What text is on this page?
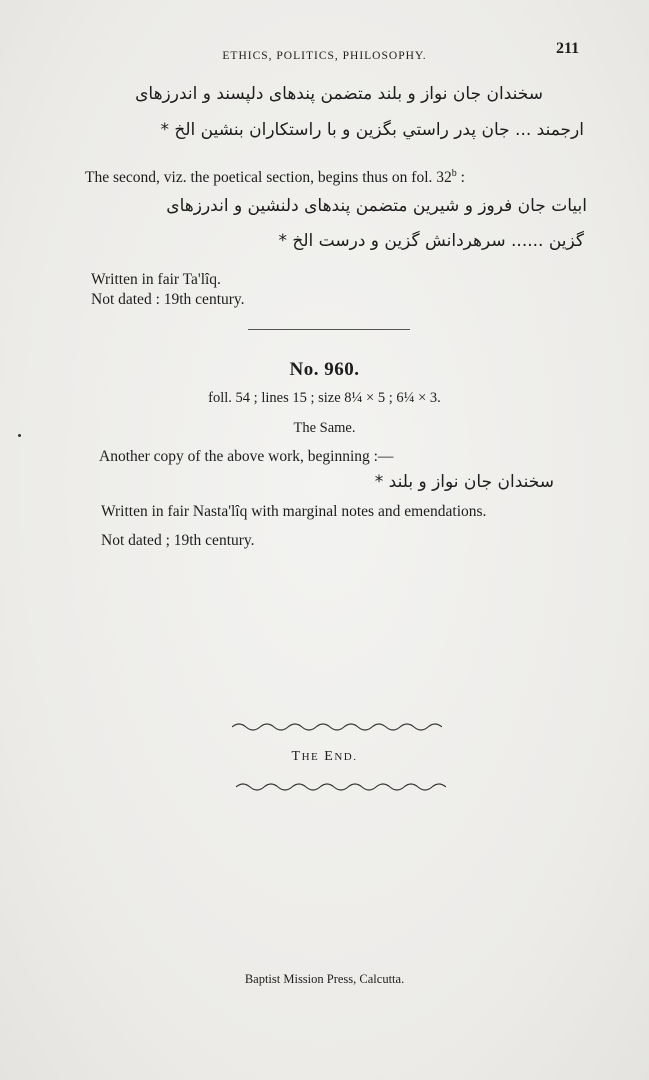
ETHICS, POLITICS, PHILOSOPHY.	211
سخندان جان نواز و بلند متضمن پندهای دلپسند و اندرزهای
ارجمند ... جان پدر راستي بگزين و با راستكاران بنشين الخ *
The second, viz. the poetical section, begins thus on fol. 32$^b$ :
ابيات جان فروز و شيرين متضمن پندهاى دلنشين و اندرزهاى
گزين ...... سرهردانش گزين و درست الخ *
Written in fair Ta'lîq.
Not dated : 19th century.
No. 960.
foll. 54 ; lines 15 ; size 8¼ × 5 ; 6¼ × 3.
The Same.
Another copy of the above work, beginning :—
سخندان جان نواز و بلند *
Written in fair Nasta'lîq with marginal notes and emendations.
Not dated ; 19th century.
THE END.
Baptist Mission Press, Calcutta.
